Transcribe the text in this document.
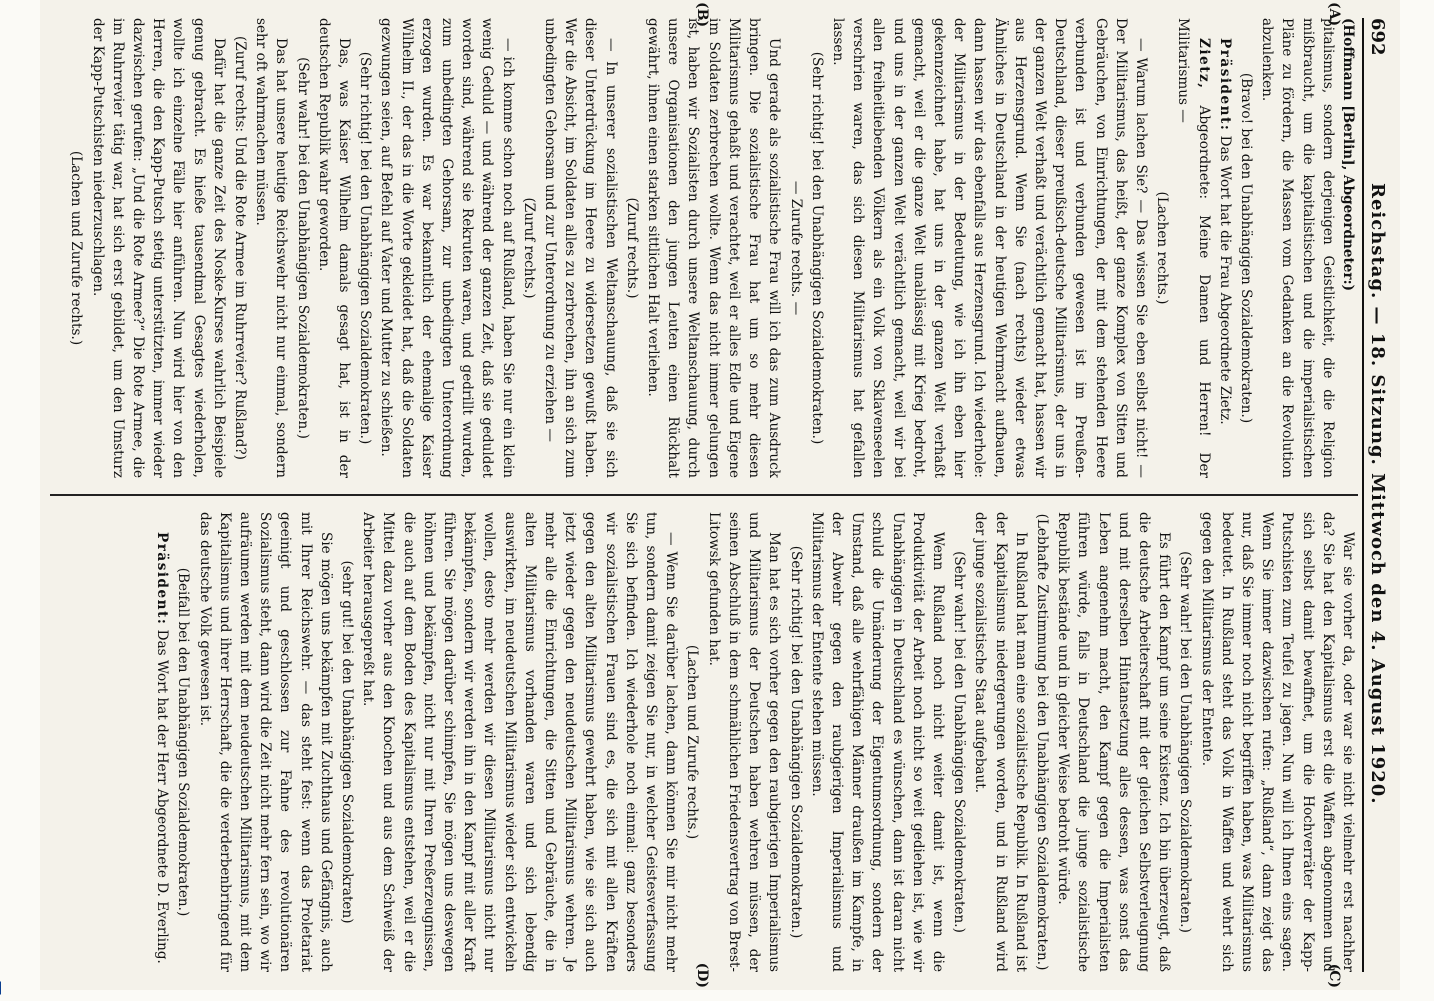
692
Reichstag. — 18. Sitzung. Mittwoch den 4. August 1920.

(Hoffmann [Berlin], Abgeordneter:)
pitalismus, sondern derjenigen Geistlichkeit, die die Religion mißbraucht, um die kapitalistischen und die imperialistischen Pläne zu fördern, die Massen vom Gedanken an die Revolution abzulenken.

(Bravo! bei den Unabhängigen Sozialdemokraten.)

Präsident: Das Wort hat die Frau Abgeordnete Zietz.

Zietz, Abgeordnete: Meine Damen und Herren! Der Militarismus —

(Lachen rechts.)

— Warum lachen Sie? — Das wissen Sie eben selbst nicht! — Der Militarismus, das heißt, der ganze Komplex von Sitten und Gebräuchen, von Einrichtungen, der mit dem stehenden Heere verbunden ist und verbunden gewesen ist im Preußen-Deutschland, dieser preußisch-deutsche Militarismus, der uns in der ganzen Welt verhaßt und verächtlich gemacht hat, hassen wir aus Herzensgrund. Wenn Sie (nach rechts) wieder etwas Ähnliches in Deutschland in der heutigen Wehrmacht aufbauen, dann hassen wir das ebenfalls aus Herzensgrund. Ich wiederhole: der Militarismus in der Bedeutung, wie ich ihn eben hier gekennzeichnet habe, hat uns in der ganzen Welt verhaßt gemacht, weil er die ganze Welt unablässig mit Krieg bedroht, und uns in der ganzen Welt verächtlich gemacht, weil wir bei allen freiheitliebenden Völkern als ein Volk von Sklavenseelen verschrien waren, das sich diesen Militarismus hat gefallen lassen.

(Sehr richtig! bei den Unabhängigen Sozialdemokraten.)

— Zurufe rechts. —

Und gerade als sozialistische Frau will ich das zum Ausdruck bringen. Die sozialistische Frau hat um so mehr diesen Militarismus gehaßt und verachtet, weil er alles Edle und Eigene im Soldaten zerbrechen wollte. Wenn das nicht immer gelungen ist, haben wir Sozialisten durch unsere Weltanschauung, durch unsere Organisationen den jungen Leuten einen Rückhalt gewährt, ihnen einen starken sittlichen Halt verliehen.

(Zuruf rechts.)

— In unserer sozialistischen Weltanschauung, daß sie sich dieser Unterdrückung im Heere zu widersetzen gewußt haben. Wer die Absicht, im Soldaten alles zu zerbrechen, ihn an sich zum unbedingten Gehorsam und zur Unterordnung zu erziehen —

(Zuruf rechts.)

— ich komme schon noch auf Rußland, haben Sie nur ein klein wenig Geduld — und während der ganzen Zeit, daß sie geduldet worden sind, während sie Rekruten waren, und gedrillt wurden, zum unbedingten Gehorsam, zur unbedingten Unterordnung erzogen wurden. Es war bekanntlich der ehemalige Kaiser Wilhelm II., der das in die Worte gekleidet hat, daß die Soldaten gezwungen seien, auf Befehl auf Vater und Mutter zu schießen.

(Sehr richtig! bei den Unabhängigen Sozialdemokraten.)

Das, was Kaiser Wilhelm damals gesagt hat, ist in der deutschen Republik wahr geworden.

(Sehr wahr! bei den Unabhängigen Sozialdemokraten.)

Das hat unsere heutige Reichswehr nicht nur einmal, sondern sehr oft wahrmachen müssen.

(Zuruf rechts: Und die Rote Armee im Ruhrrevier? Rußland?)

Dafür hat die ganze Zeit des Noske-Kurses wahrlich Beispiele genug gebracht. Es hieße tausendmal Gesagtes wiederholen, wollte ich einzelne Fälle hier anführen. Nun wird hier von den Herren, die den Kapp-Putsch stetig unterstützten, immer wieder dazwischen gerufen: „Und die Rote Armee?“ Die Rote Armee, die im Ruhrrevier tätig war, hat sich erst gebildet, um den Umsturz der Kapp-Putschisten niederzuschlagen.

(Lachen und Zurufe rechts.)

War sie vorher da, oder war sie nicht vielmehr erst nachher da? Sie hat den Kapitalismus erst die Waffen abgenommen und sich selbst damit bewaffnet, um die Hochverräter der Kapp-Putschisten zum Teufel zu jagen. Nun will ich Ihnen eins sagen. Wenn Sie immer dazwischen rufen: „Rußland“, dann zeigt das nur, daß Sie immer noch nicht begriffen haben, was Militarismus bedeutet. In Rußland steht das Volk in Waffen und wehrt sich gegen den Militarismus der Entente.

(Sehr wahr! bei den Unabhängigen Sozialdemokraten.)

Es führt den Kampf um seine Existenz. Ich bin überzeugt, daß die deutsche Arbeiterschaft mit der gleichen Selbstverleugnung und mit derselben Hintansetzung alles dessen, was sonst das Leben angenehm macht, den Kampf gegen die Imperialisten führen würde, falls in Deutschland die junge sozialistische Republik bestände und in gleicher Weise bedroht würde.

(Lebhafte Zustimmung bei den Unabhängigen Sozialdemokraten.)

In Rußland hat man eine sozialistische Republik. In Rußland ist der Kapitalismus niedergerungen worden, und in Rußland wird der junge sozialistische Staat aufgebaut.

(Sehr wahr! bei den Unabhängigen Sozialdemokraten.)

Wenn Rußland noch nicht weiter damit ist, wenn die Produktivität der Arbeit noch nicht so weit gediehen ist, wie wir Unabhängigen in Deutschland es wünschen, dann ist daran nicht schuld die Umänderung der Eigentumsordnung, sondern der Umstand, daß alle wehrfähigen Männer draußen im Kampfe, in der Abwehr gegen den raubgierigen Imperialismus und Militarismus der Entente stehen müssen.

(Sehr richtig! bei den Unabhängigen Sozialdemokraten.)

Man hat es sich vorher gegen den raubgierigen Imperialismus und Militarismus der Deutschen haben wehren müssen, der seinen Abschluß in dem schmählichen Friedensvertrag von Brest-Litowsk gefunden hat.

(Lachen und Zurufe rechts.)

— Wenn Sie darüber lachen, dann können Sie mir nicht mehr tun, sondern damit zeigen Sie nur, in welcher Geistesverfassung Sie sich befinden. Ich wiederhole noch einmal: ganz besonders wir sozialistischen Frauen sind es, die sich mit allen Kräften gegen den alten Militarismus gewehrt haben, wie sie sich auch jetzt wieder gegen den neudeutschen Militarismus wehren. Je mehr alle die Einrichtungen, die Sitten und Gebräuche, die in alten Militarismus vorhanden waren und sich lebendig auswirkten, im neudeutschen Militarismus wieder sich entwickeln wollen, desto mehr werden wir diesen Militarismus nicht nur bekämpfen, sondern wir werden ihn in den Kampf mit aller Kraft führen. Sie mögen darüber schimpfen, Sie mögen uns deswegen höhnen und bekämpfen, nicht nur mit Ihren Preßerzeugnissen, die auch auf dem Boden des Kapitalismus entstehen, weil er die Mittel dazu vorher aus den Knochen und aus dem Schweiß der Arbeiter herausgepreßt hat.

(sehr gut! bei den Unabhängigen Sozialdemokraten)

Sie mögen uns bekämpfen mit Zuchthaus und Gefängnis, auch mit Ihrer Reichswehr. — das steht fest: wenn das Proletariat geeinigt und geschlossen zur Fahne des revolutionären Sozialismus steht, dann wird die Zeit nicht mehr fern sein, wo wir aufräumen werden mit dem neudeutschen Militarismus, mit dem Kapitalismus und ihrer Herrschaft, die die verderbenbringend für das deutsche Volk gewesen ist.

(Beifall bei den Unabhängigen Sozialdemokraten.)

Präsident: Das Wort hat der Herr Abgeordnete D. Everling.

(A)
(B)
(C)
(D)
